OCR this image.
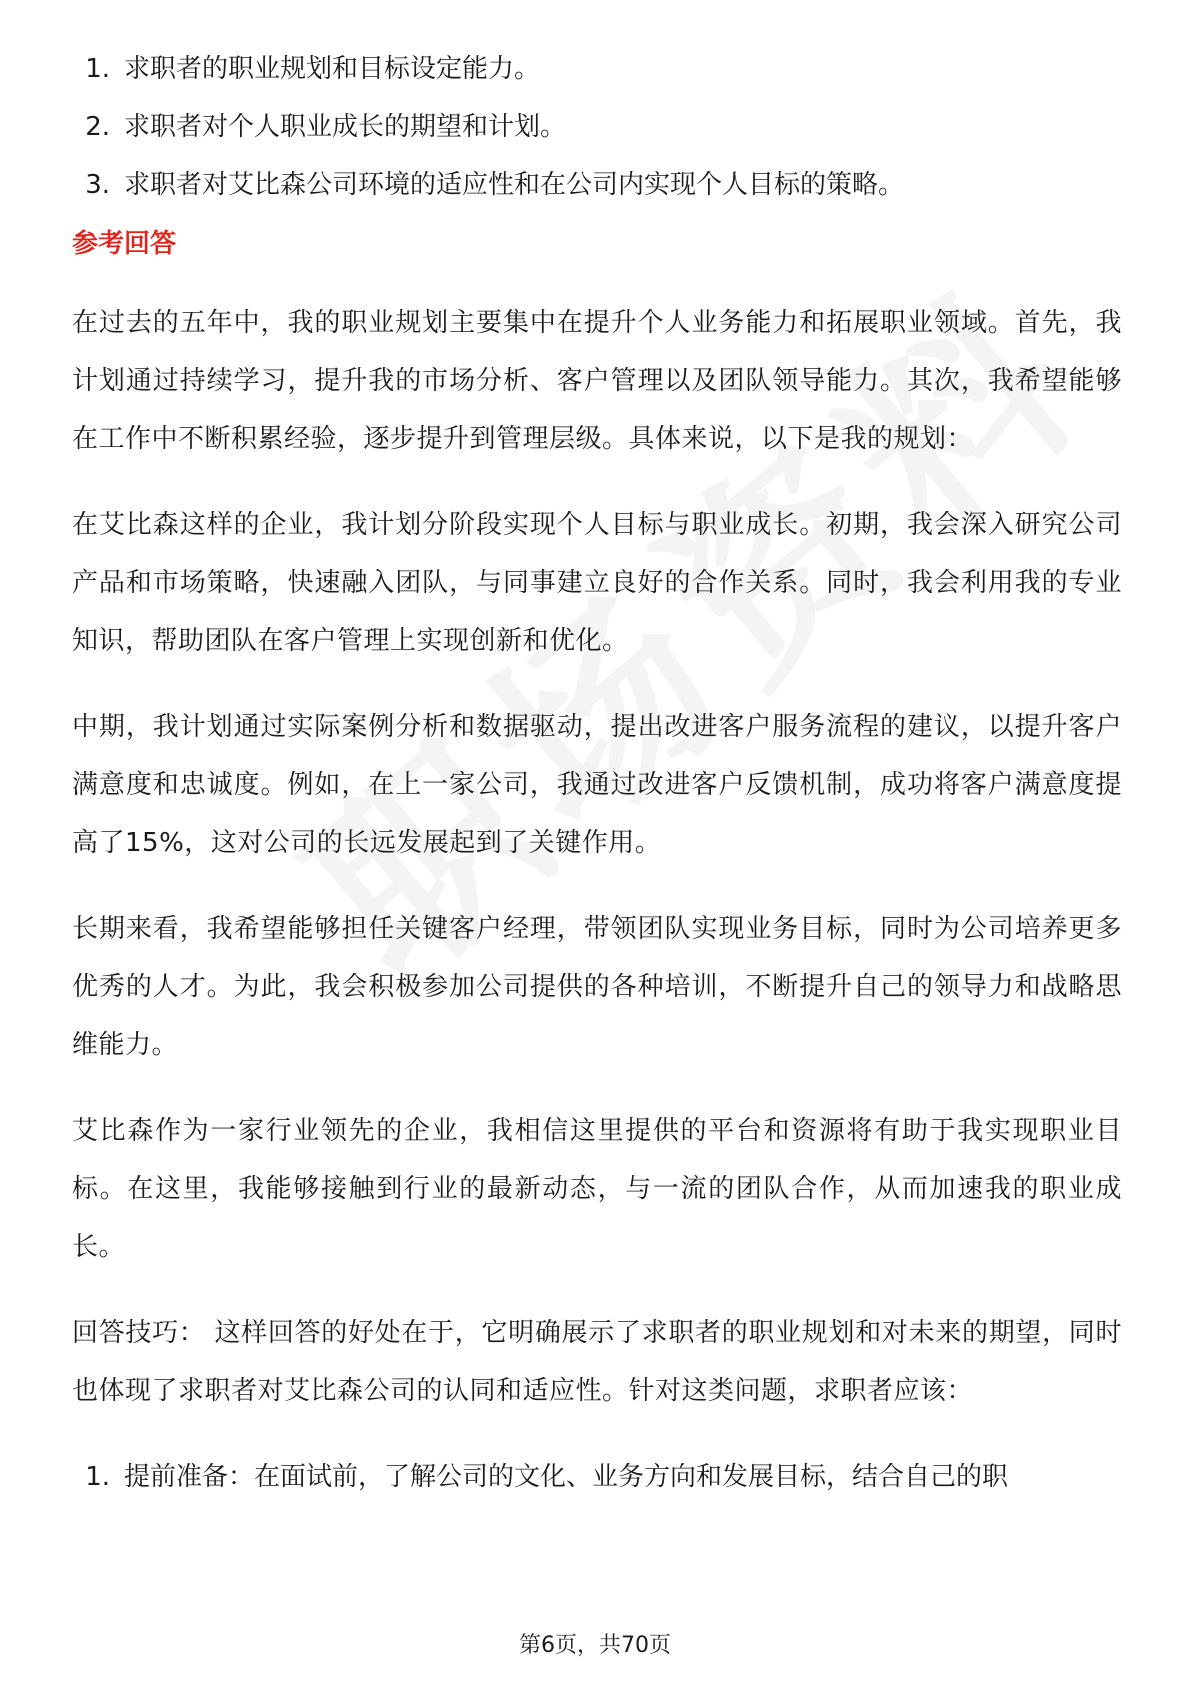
1. 求职者的职业规划和目标设定能力。
2. 求职者对个人职业成长的期望和计划。
3. 求职者对艾比森公司环境的适应性和在公司内实现个人目标的策略。
参考回答

在过去的五年中，我的职业规划主要集中在提升个人业务能力和拓展职业领域。首先，我计划通过持续学习，提升我的市场分析、客户管理以及团队领导能力。其次，我希望能够在工作中不断积累经验，逐步提升到管理层级。具体来说，以下是我的规划：

在艾比森这样的企业，我计划分阶段实现个人目标与职业成长。初期，我会深入研究公司产品和市场策略，快速融入团队，与同事建立良好的合作关系。同时，我会利用我的专业知识，帮助团队在客户管理上实现创新和优化。

中期，我计划通过实际案例分析和数据驱动，提出改进客户服务流程的建议，以提升客户满意度和忠诚度。例如，在上一家公司，我通过改进客户反馈机制，成功将客户满意度提高了15%，这对公司的长远发展起到了关键作用。

长期来看，我希望能够担任关键客户经理，带领团队实现业务目标，同时为公司培养更多优秀的人才。为此，我会积极参加公司提供的各种培训，不断提升自己的领导力和战略思维能力。

艾比森作为一家行业领先的企业，我相信这里提供的平台和资源将有助于我实现职业目标。在这里，我能够接触到行业的最新动态，与一流的团队合作，从而加速我的职业成长。

回答技巧： 这样回答的好处在于，它明确展示了求职者的职业规划和对未来的期望，同时也体现了求职者对艾比森公司的认同和适应性。针对这类问题，求职者应该：

1. 提前准备：在面试前，了解公司的文化、业务方向和发展目标，结合自己的职
第6页，共70页
